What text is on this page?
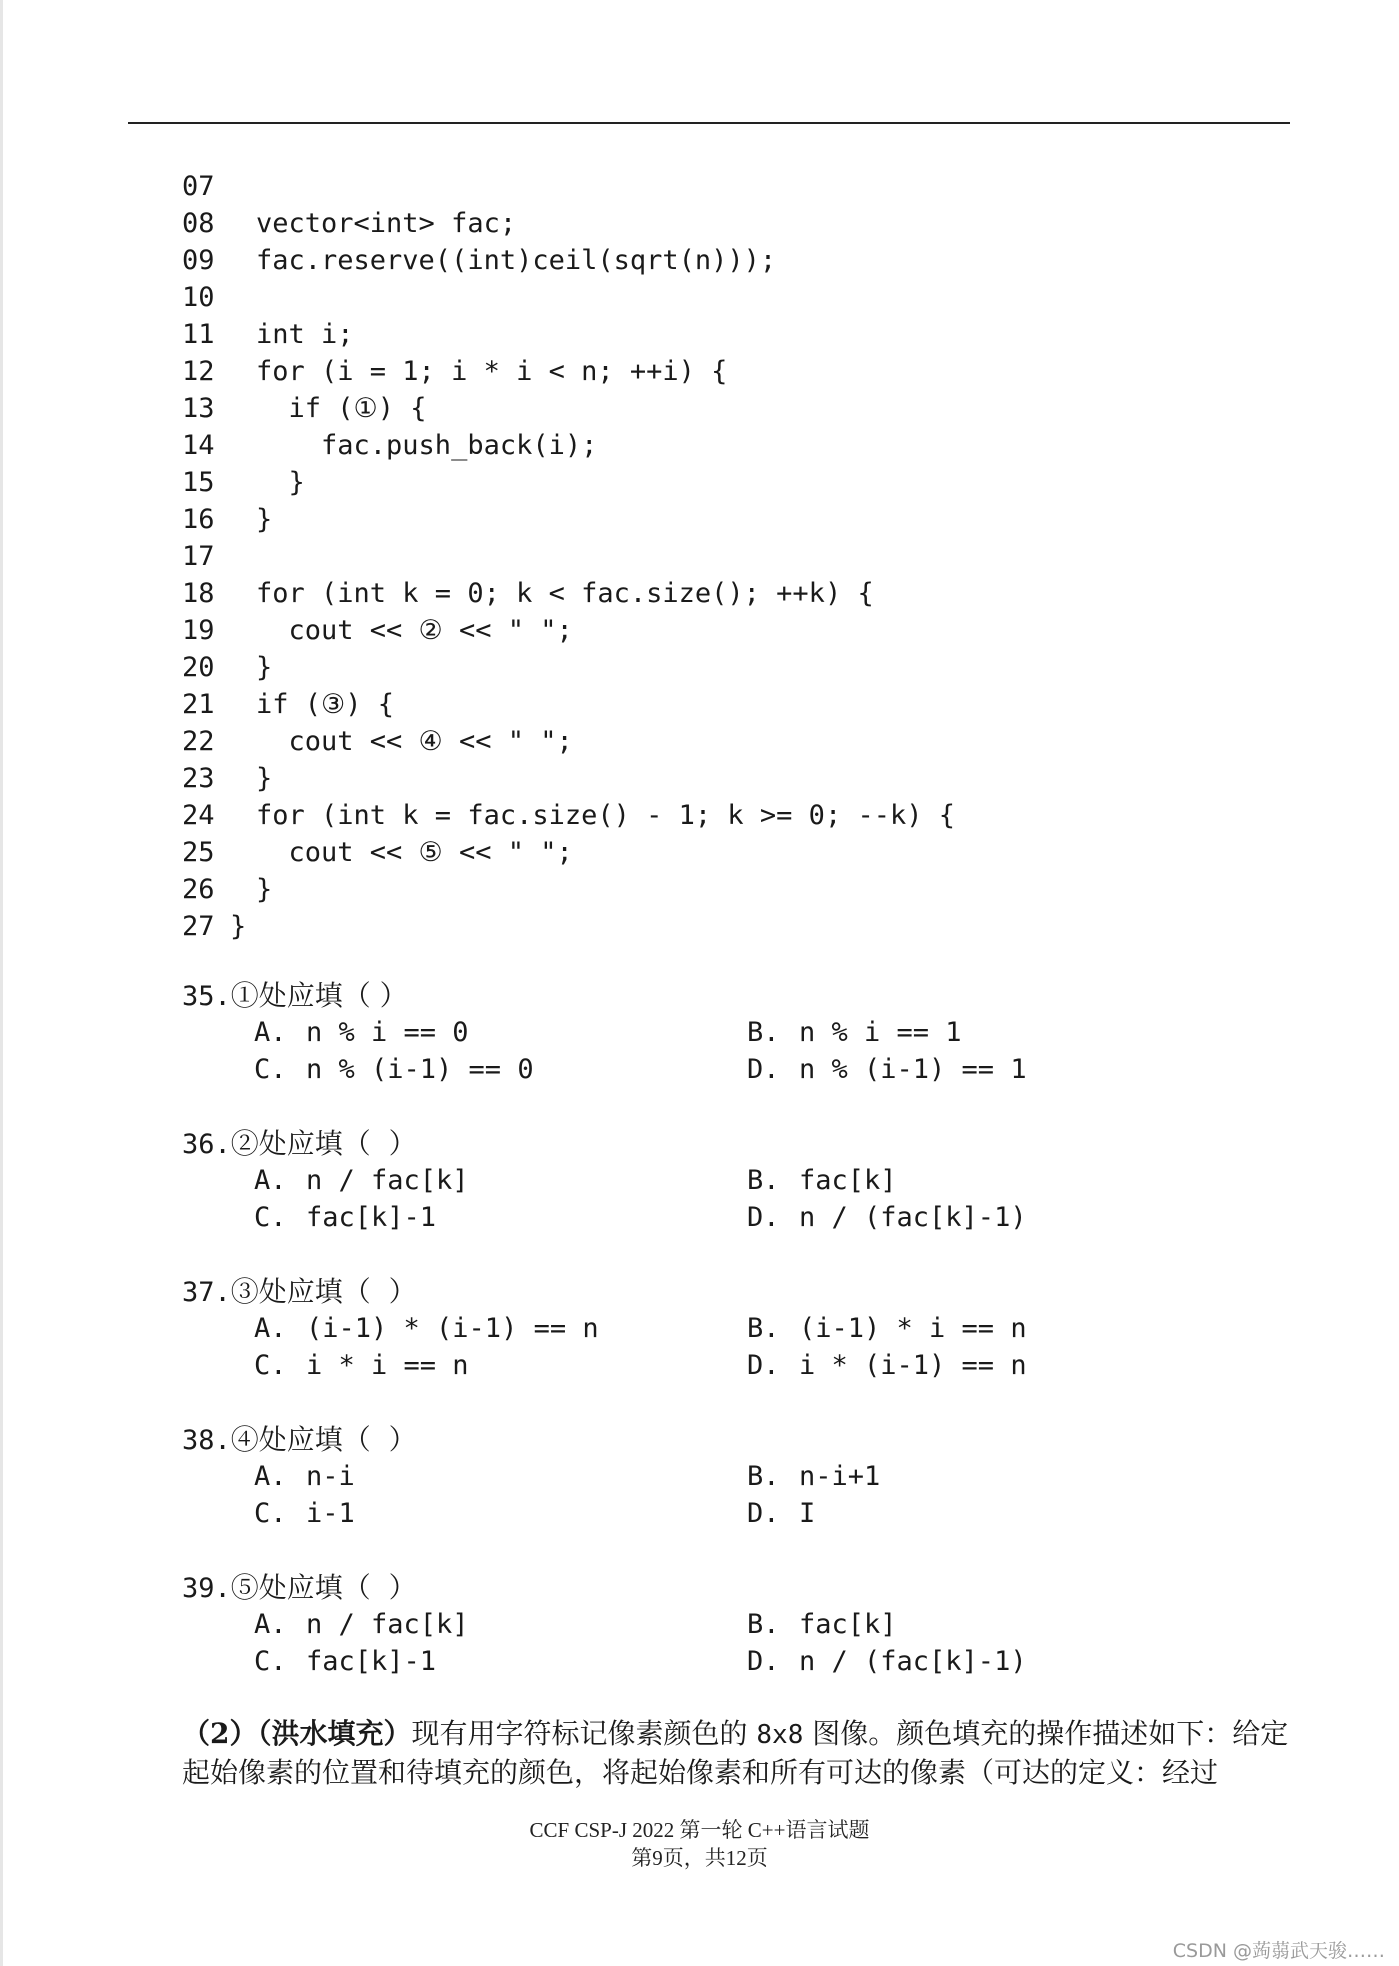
07
08 vector<int> fac;
09 fac.reserve((int)ceil(sqrt(n)));
10
11 int i;
12 for (i = 1; i * i < n; ++i) {
13  if (①) {
14    fac.push_back(i);
15  }
16 }
17
18 for (int k = 0; k < fac.size(); ++k) {
19  cout << ② << " ";
20 }
21 if (③) {
22  cout << ④ << " ";
23 }
24 for (int k = fac.size() - 1; k >= 0; --k) {
25  cout << ⑤ << " ";
26 }
27 }
35.①处应填（ ）
A. n % i == 0	B. n % i == 1
C. n % (i-1) == 0	D. n % (i-1) == 1
36.②处应填（  ）
A. n / fac[k]	B. fac[k]
C. fac[k]-1	D. n / (fac[k]-1)
37.③处应填（  ）
A. (i-1) * (i-1) == n	B. (i-1) * i == n
C. i * i == n	D. i * (i-1) == n
38.④处应填（  ）
A. n-i	B. n-i+1
C. i-1	D. I
39.⑤处应填（  ）
A. n / fac[k]	B. fac[k]
C. fac[k]-1	D. n / (fac[k]-1)
（2）（洪水填充）现有用字符标记像素颜色的 8x8 图像。颜色填充的操作描述如下：给定起始像素的位置和待填充的颜色，将起始像素和所有可达的像素（可达的定义：经过
CCF CSP-J 2022 第一轮 C++语言试题
第9页，共12页
CSDN @蒟蒻武天骏……
